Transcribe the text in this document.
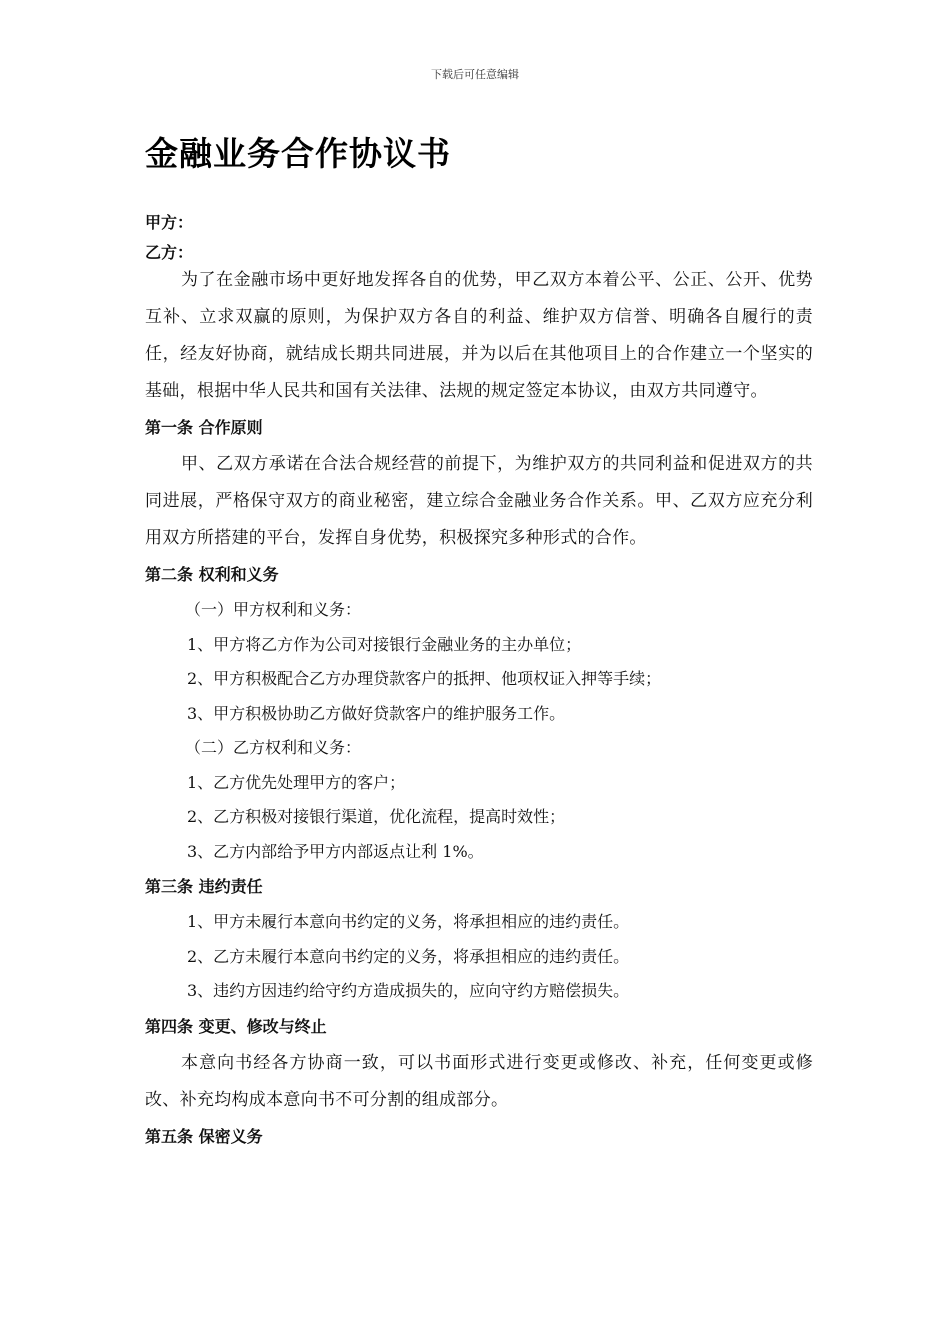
下载后可任意编辑
金融业务合作协议书
甲方：
乙方：

为了在金融市场中更好地发挥各自的优势，甲乙双方本着公平、公正、公开、优势互补、立求双赢的原则，为保护双方各自的利益、维护双方信誉、明确各自履行的责任，经友好协商，就结成长期共同进展，并为以后在其他项目上的合作建立一个坚实的基础，根据中华人民共和国有关法律、法规的规定签定本协议，由双方共同遵守。

第一条 合作原则

甲、乙双方承诺在合法合规经营的前提下，为维护双方的共同利益和促进双方的共同进展，严格保守双方的商业秘密，建立综合金融业务合作关系。甲、乙双方应充分利用双方所搭建的平台，发挥自身优势，积极探究多种形式的合作。

第二条 权利和义务

（一）甲方权利和义务：

1、甲方将乙方作为公司对接银行金融业务的主办单位；

2、甲方积极配合乙方办理贷款客户的抵押、他项权证入押等手续；

3、甲方积极协助乙方做好贷款客户的维护服务工作。

（二）乙方权利和义务：

1、乙方优先处理甲方的客户；

2、乙方积极对接银行渠道，优化流程，提高时效性；

3、乙方内部给予甲方内部返点让利 1%。

第三条 违约责任

1、甲方未履行本意向书约定的义务，将承担相应的违约责任。

2、乙方未履行本意向书约定的义务，将承担相应的违约责任。

3、违约方因违约给守约方造成损失的，应向守约方赔偿损失。

第四条 变更、修改与终止

本意向书经各方协商一致，可以书面形式进行变更或修改、补充，任何变更或修改、补充均构成本意向书不可分割的组成部分。

第五条 保密义务
